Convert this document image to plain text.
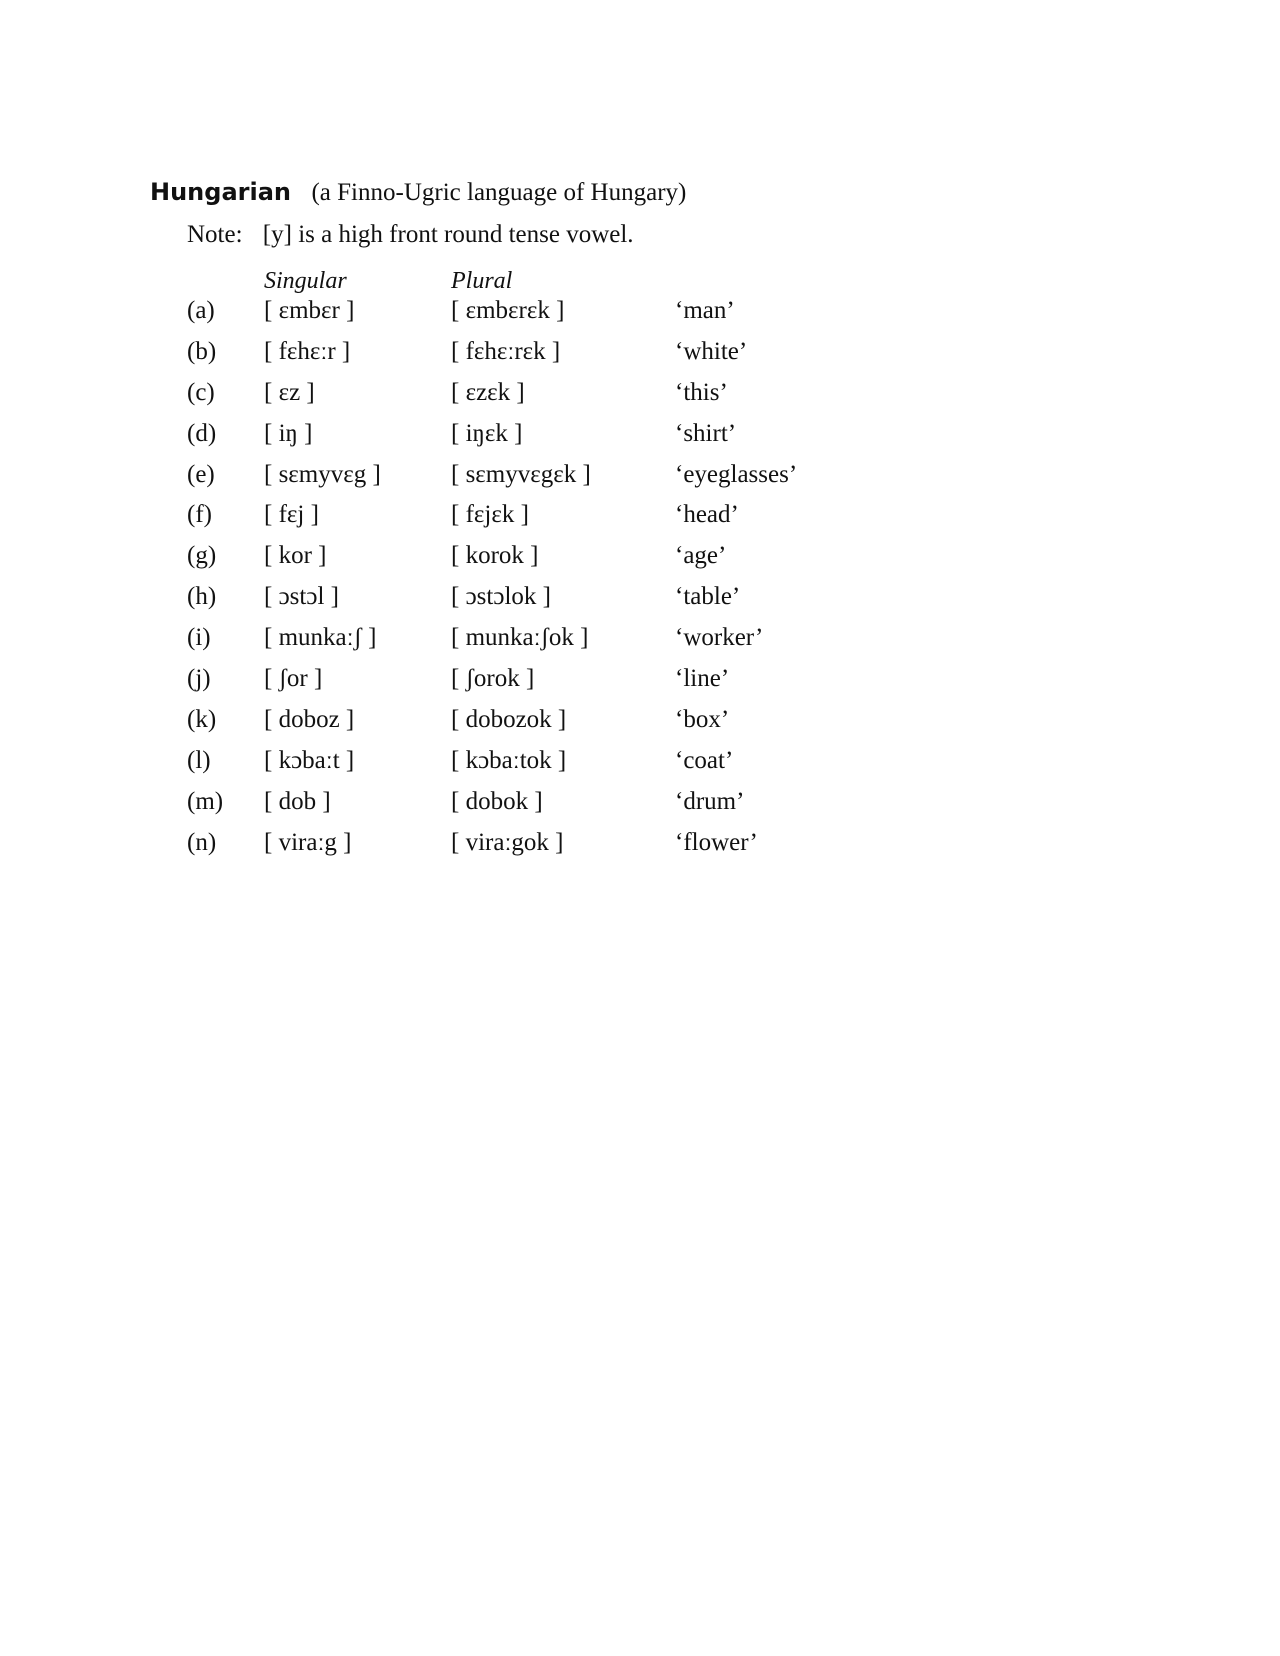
Hungarian (a Finno-Ugric language of Hungary)
Note: [y] is a high front round tense vowel.
Singular	Plural
(a) [ ɛmbɛr ]	[ ɛmbɛrɛk ]	‘man’
(b) [ fɛhɛːr ]	[ fɛhɛːrɛk ]	‘white’
(c) [ ɛz ]	[ ɛzɛk ]	‘this’
(d) [ iŋ ]	[ iŋɛk ]	‘shirt’
(e) [ sɛmyvɛg ]	[ sɛmyvɛgɛk ]	‘eyeglasses’
(f) [ fɛj ]	[ fɛjɛk ]	‘head’
(g) [ kor ]	[ korok ]	‘age’
(h) [ ɔstɔl ]	[ ɔstɔlok ]	‘table’
(i) [ munkaːʃ ]	[ munkaːʃok ]	‘worker’
(j) [ ʃor ]	[ ʃorok ]	‘line’
(k) [ doboz ]	[ dobozok ]	‘box’
(l) [ kɔbaːt ]	[ kɔbaːtok ]	‘coat’
(m) [ dob ]	[ dobok ]	‘drum’
(n) [ viraːg ]	[ viraːgok ]	‘flower’
